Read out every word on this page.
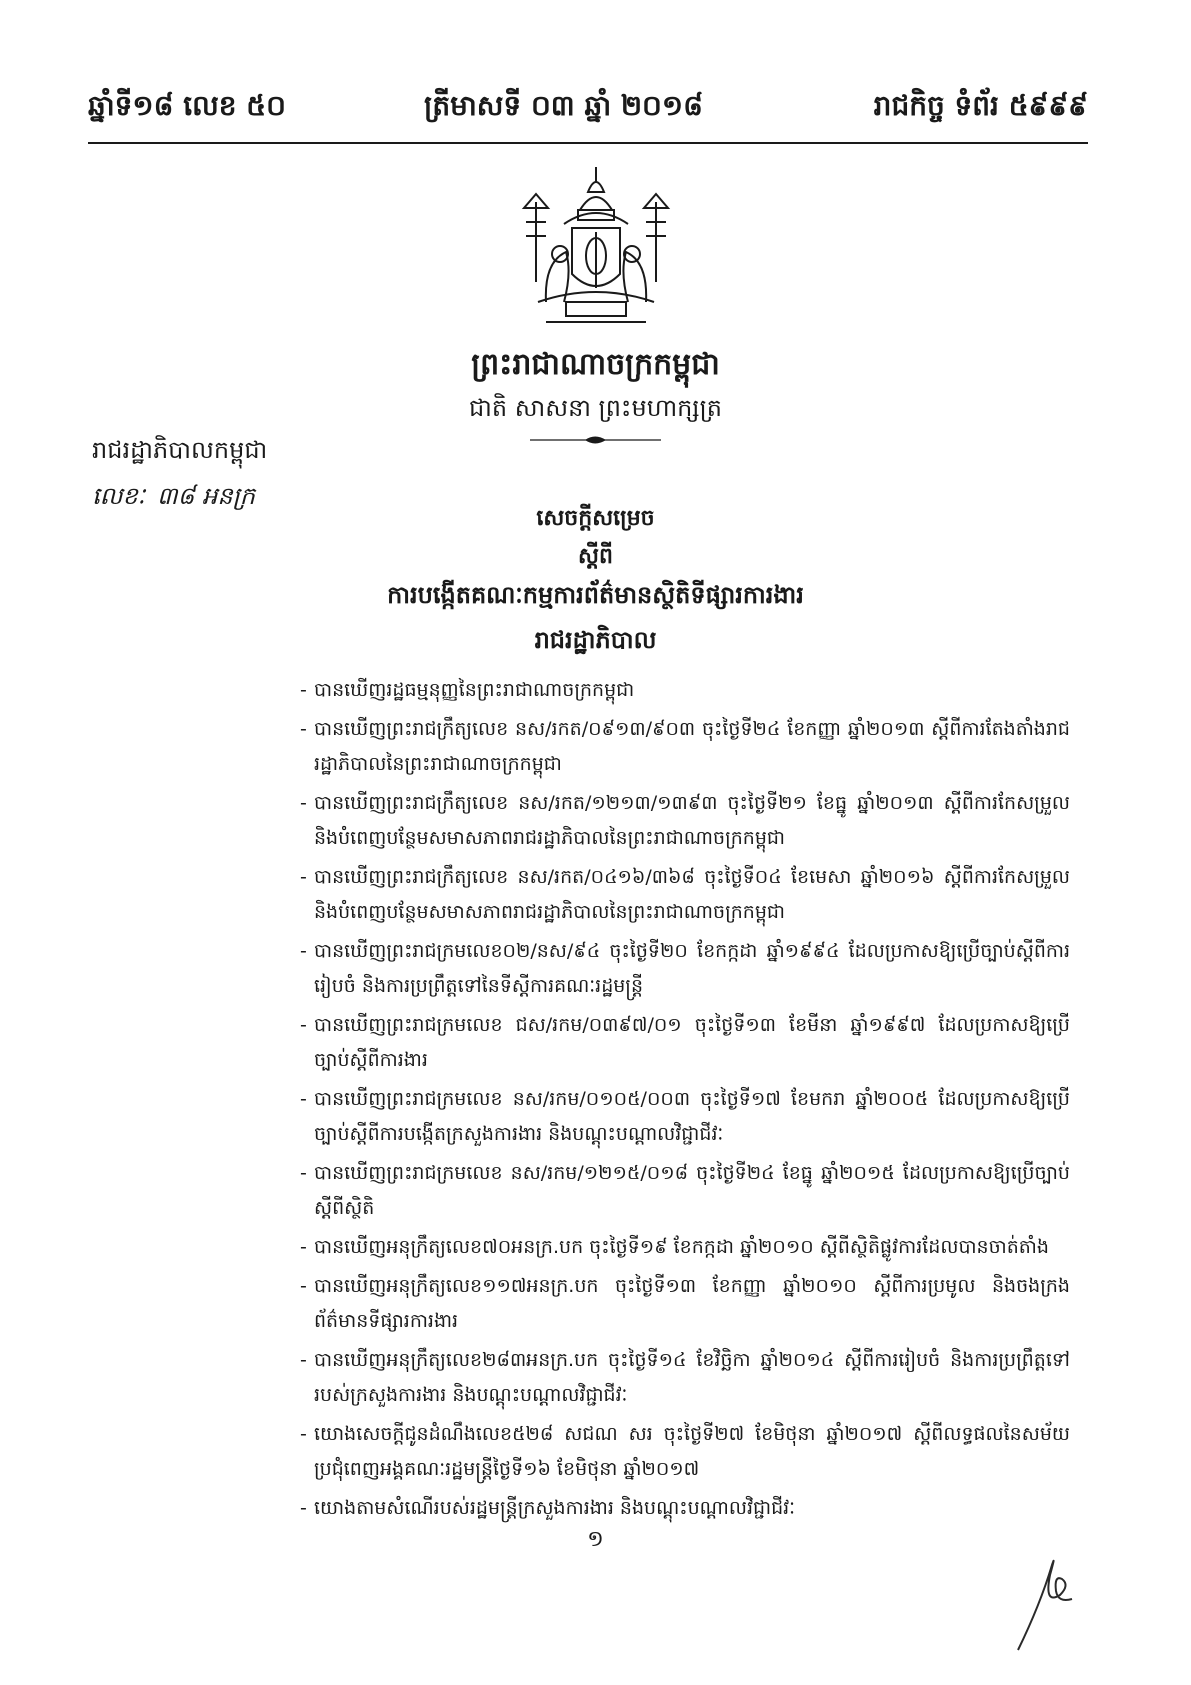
ឆ្នាំទី១៨ លេខ ៥០	ត្រីមាសទី ០៣ ឆ្នាំ ២០១៨	រាជកិច្ច ទំព័រ ៥៩៩៩
ព្រះរាជាណាចក្រកម្ពុជា
ជាតិ សាសនា ព្រះមហាក្សត្រ
រាជរដ្ឋាភិបាលកម្ពុជា
លេខៈ ៣៨ អនក្រ
សេចក្តីសម្រេច
ស្តីពី
ការបង្កើតគណៈកម្មការព័ត៌មានស្ថិតិទីផ្សារការងារ
រាជរដ្ឋាភិបាល
- បានឃើញរដ្ឋធម្មនុញ្ញនៃព្រះរាជាណាចក្រកម្ពុជា
- បានឃើញព្រះរាជក្រឹត្យលេខ នស/រកត/០៩១៣/៩០៣ ចុះថ្ងៃទី២៤ ខែកញ្ញា ឆ្នាំ២០១៣ ស្តីពីការតែងតាំងរាជរដ្ឋាភិបាលនៃព្រះរាជាណាចក្រកម្ពុជា
- បានឃើញព្រះរាជក្រឹត្យលេខ នស/រកត/១២១៣/១៣៩៣ ចុះថ្ងៃទី២១ ខែធ្នូ ឆ្នាំ២០១៣ ស្តីពីការកែសម្រួល និងបំពេញបន្ថែមសមាសភាពរាជរដ្ឋាភិបាលនៃព្រះរាជាណាចក្រកម្ពុជា
- បានឃើញព្រះរាជក្រឹត្យលេខ នស/រកត/០៤១៦/៣៦៨ ចុះថ្ងៃទី០៤ ខែមេសា ឆ្នាំ២០១៦ ស្តីពីការកែសម្រួល និងបំពេញបន្ថែមសមាសភាពរាជរដ្ឋាភិបាលនៃព្រះរាជាណាចក្រកម្ពុជា
- បានឃើញព្រះរាជក្រមលេខ០២/នស/៩៤ ចុះថ្ងៃទី២០ ខែកក្កដា ឆ្នាំ១៩៩៤ ដែលប្រកាសឱ្យប្រើច្បាប់ស្តីពីការរៀបចំ និងការប្រព្រឹត្តទៅនៃទីស្តីការគណៈរដ្ឋមន្ត្រី
- បានឃើញព្រះរាជក្រមលេខ ជស/រកម/០៣៩៧/០១ ចុះថ្ងៃទី១៣ ខែមីនា ឆ្នាំ១៩៩៧ ដែលប្រកាសឱ្យប្រើច្បាប់ស្តីពីការងារ
- បានឃើញព្រះរាជក្រមលេខ នស/រកម/០១០៥/០០៣ ចុះថ្ងៃទី១៧ ខែមករា ឆ្នាំ២០០៥ ដែលប្រកាសឱ្យប្រើច្បាប់ស្តីពីការបង្កើតក្រសួងការងារ និងបណ្តុះបណ្តាលវិជ្ជាជីវៈ
- បានឃើញព្រះរាជក្រមលេខ នស/រកម/១២១៥/០១៨ ចុះថ្ងៃទី២៤ ខែធ្នូ ឆ្នាំ២០១៥ ដែលប្រកាសឱ្យប្រើច្បាប់ស្តីពីស្ថិតិ
- បានឃើញអនុក្រឹត្យលេខ៧០អនក្រ.បក ចុះថ្ងៃទី១៩ ខែកក្កដា ឆ្នាំ២០១០ ស្តីពីស្ថិតិផ្លូវការដែលបានចាត់តាំង
- បានឃើញអនុក្រឹត្យលេខ១១៧អនក្រ.បក ចុះថ្ងៃទី១៣ ខែកញ្ញា ឆ្នាំ២០១០ ស្តីពីការប្រមូល និងចងក្រង ព័ត៌មានទីផ្សារការងារ
- បានឃើញអនុក្រឹត្យលេខ២៨៣អនក្រ.បក ចុះថ្ងៃទី១៤ ខែវិច្ឆិកា ឆ្នាំ២០១៤ ស្តីពីការរៀបចំ និងការប្រព្រឹត្តទៅរបស់ក្រសួងការងារ និងបណ្តុះបណ្តាលវិជ្ជាជីវៈ
- យោងសេចក្តីជូនដំណឹងលេខ៥២៨ សជណ សរ ចុះថ្ងៃទី២៧ ខែមិថុនា ឆ្នាំ២០១៧ ស្តីពីលទ្ធផលនៃសម័យប្រជុំពេញអង្គគណៈរដ្ឋមន្ត្រីថ្ងៃទី១៦ ខែមិថុនា ឆ្នាំ២០១៧
- យោងតាមសំណើរបស់រដ្ឋមន្ត្រីក្រសួងការងារ និងបណ្តុះបណ្តាលវិជ្ជាជីវៈ
១
